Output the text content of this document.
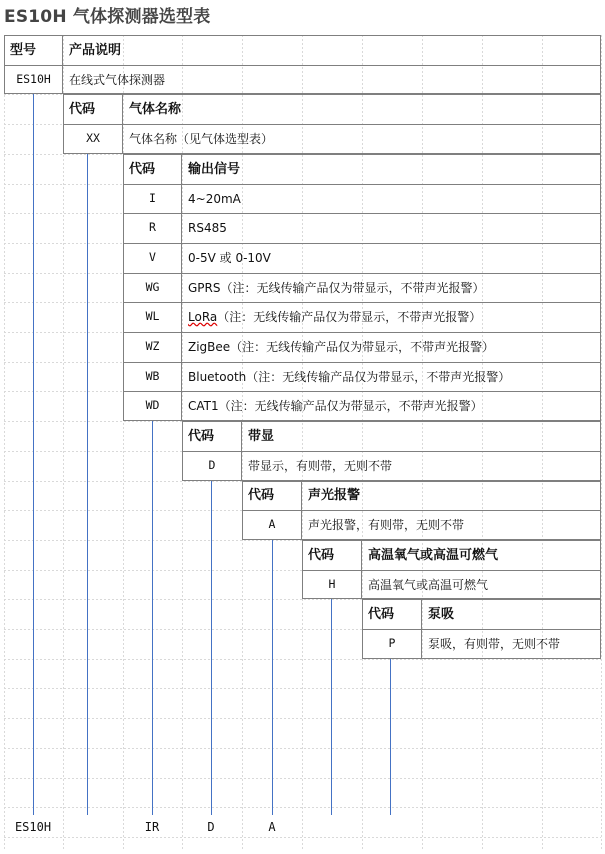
ES10H 气体探测器选型表
型号	产品说明
ES10H	在线式气体探测器
代码	气体名称
XX	气体名称（见气体选型表）
代码	输出信号
I	4~20mA
R	RS485
V	0-5V 或 0-10V
WG	GPRS（注：无线传输产品仅为带显示，不带声光报警）
WL	LoRa （注：无线传输产品仅为带显示，不带声光报警）
WZ	ZigBee（注：无线传输产品仅为带显示，不带声光报警）
WB	Bluetooth（注：无线传输产品仅为带显示，不带声光报警）
WD	CAT1（注：无线传输产品仅为带显示，不带声光报警）
代码	带显
D	带显示，有则带，无则不带
代码	声光报警
A	声光报警，有则带，无则不带
代码	高温氧气或高温可燃气
H	高温氧气或高温可燃气
代码	泵吸
P	泵吸，有则带，无则不带
ES10H	IR	D	A
